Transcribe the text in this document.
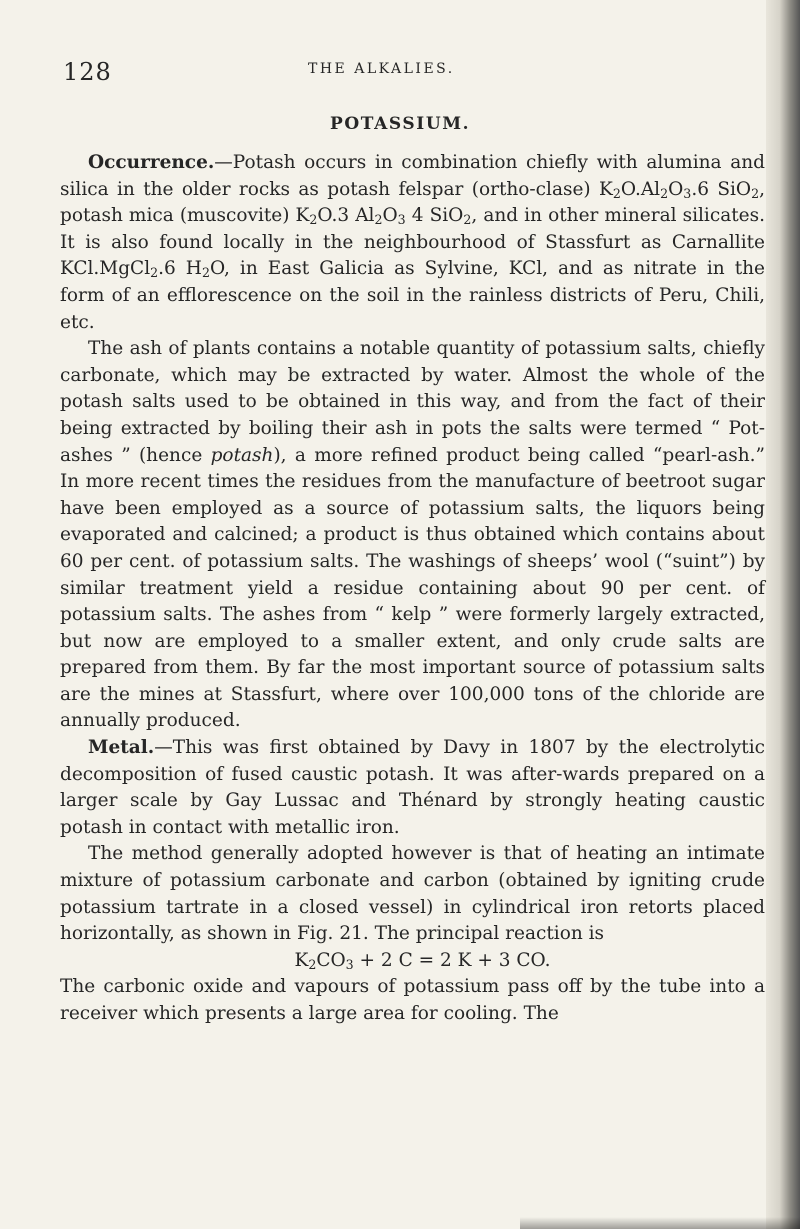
128	THE ALKALIES.
POTASSIUM.

Occurrence.—Potash occurs in combination chiefly with alumina and silica in the older rocks as potash felspar (ortho-clase) $K_2O.Al_2O_3.6$ SiO$_2$, potash mica (muscovite) $K_2O.3$ $Al_2O_3$ 4 SiO$_2$, and in other mineral silicates. It is also found locally in the neighbourhood of Stassfurt as Carnallite KCl.MgCl$_2$.6 $H_2O$, in East Galicia as Sylvine, KCl, and as nitrate in the form of an efflorescence on the soil in the rainless districts of Peru, Chili, etc.

The ash of plants contains a notable quantity of potassium salts, chiefly carbonate, which may be extracted by water. Almost the whole of the potash salts used to be obtained in this way, and from the fact of their being extracted by boiling their ash in pots the salts were termed “ Pot-ashes ” (hence potash), a more refined product being called “pearl-ash.” In more recent times the residues from the manufacture of beetroot sugar have been employed as a source of potassium salts, the liquors being evaporated and calcined; a product is thus obtained which contains about 60 per cent. of potassium salts. The washings of sheeps’ wool (“suint”) by similar treatment yield a residue containing about 90 per cent. of potassium salts. The ashes from “ kelp ” were formerly largely extracted, but now are employed to a smaller extent, and only crude salts are prepared from them. By far the most important source of potassium salts are the mines at Stassfurt, where over 100,000 tons of the chloride are annually produced.

Metal.—This was first obtained by Davy in 1807 by the electrolytic decomposition of fused caustic potash. It was after-wards prepared on a larger scale by Gay Lussac and Thénard by strongly heating caustic potash in contact with metallic iron.

The method generally adopted however is that of heating an intimate mixture of potassium carbonate and carbon (obtained by igniting crude potassium tartrate in a closed vessel) in cylindrical iron retorts placed horizontally, as shown in Fig. 21. The principal reaction is
$K_2CO_3 + 2$ C = 2 K + 3 CO.

The carbonic oxide and vapours of potassium pass off by the tube into a receiver which presents a large area for cooling. The
